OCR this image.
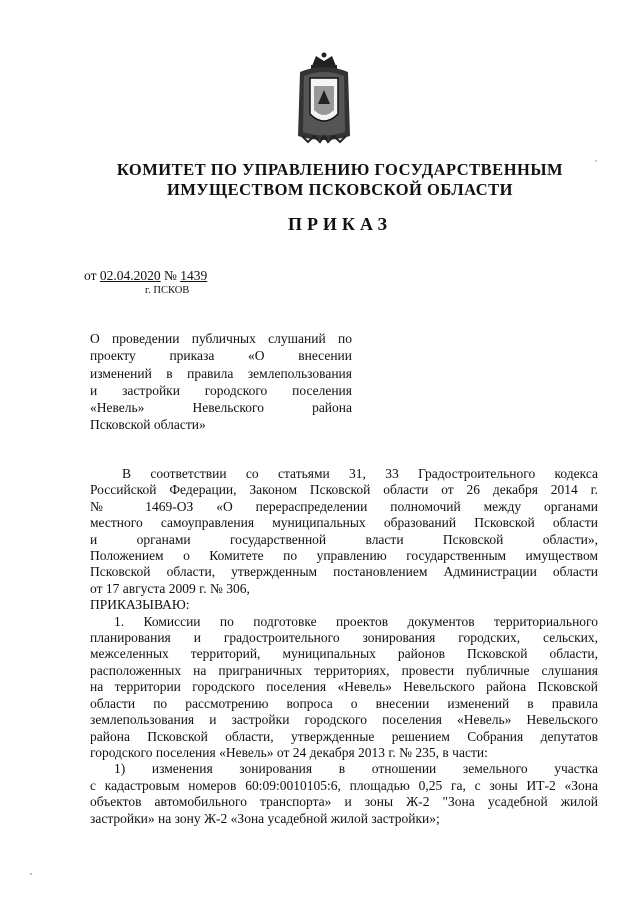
КОМИТЕТ ПО УПРАВЛЕНИЮ ГОСУДАРСТВЕННЫМ
ИМУЩЕСТВОМ ПСКОВСКОЙ ОБЛАСТИ
ПРИКАЗ
от 02.04.2020 № 1439
г. ПСКОВ
О проведении публичных слушаний по
проекту приказа «О внесении
изменений в правила землепользования
и застройки городского поселения
«Невель» Невельского района
Псковской области»
В соответствии со статьями 31, 33 Градостроительного кодекса
Российской Федерации, Законом Псковской области от 26 декабря 2014 г.
№ 1469-ОЗ «О перераспределении полномочий между органами
местного самоуправления муниципальных образований Псковской области
и органами государственной власти Псковской области»,
Положением о Комитете по управлению государственным имуществом
Псковской области, утвержденным постановлением Администрации области
от 17 августа 2009 г. № 306,
ПРИКАЗЫВАЮ:
1. Комиссии по подготовке проектов документов территориального
планирования и градостроительного зонирования городских, сельских,
межселенных территорий, муниципальных районов Псковской области,
расположенных на приграничных территориях, провести публичные слушания
на территории городского поселения «Невель» Невельского района Псковской
области по рассмотрению вопроса о внесении изменений в правила
землепользования и застройки городского поселения «Невель» Невельского
района Псковской области, утвержденные решением Собрания депутатов
городского поселения «Невель» от 24 декабря 2013 г. № 235, в части:
1) изменения зонирования в отношении земельного участка
с кадастровым номеров 60:09:0010105:6, площадью 0,25 га, с зоны ИТ-2 «Зона
объектов автомобильного транспорта» и зоны Ж-2 "Зона усадебной жилой
застройки» на зону Ж-2 «Зона усадебной жилой застройки»;
